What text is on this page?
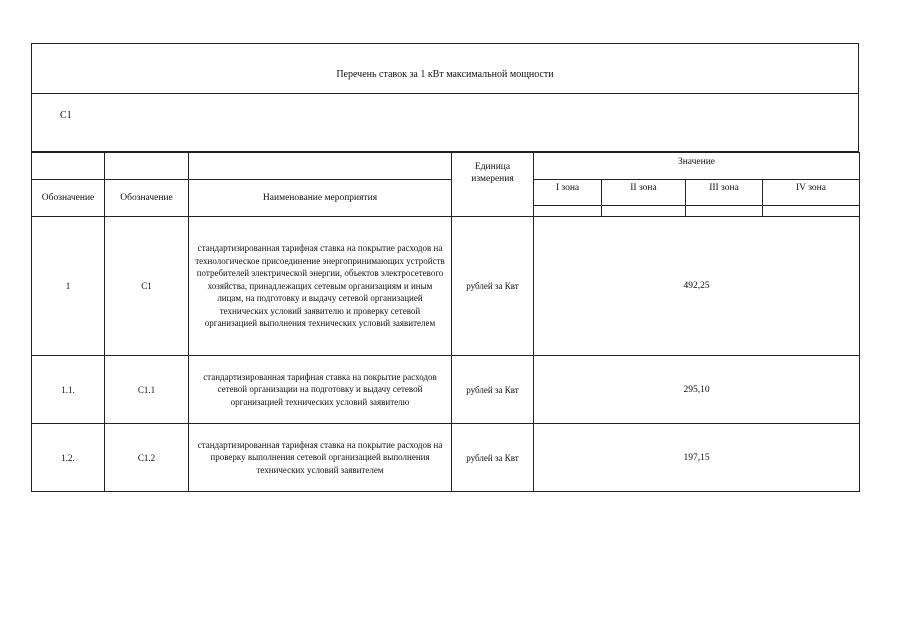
Перечень ставок за 1 кВт максимальной мощности
С1
			Единица измерения	Значение			
Обозначение	Обозначение	Наименование мероприятия		I зона	II зона	III зона	IV зона

1	С1	стандартизированная тарифная ставка на покрытие расходов на технологическое присоединение энергопринимающих устройств потребителей электрической энергии, объектов электросетевого хозяйства, принадлежащих сетевым организациям и иным лицам, на подготовку и выдачу сетевой организацией технических условий заявителю и проверку сетевой организацией выполнения технических условий заявителем	рублей за Квт	492,25			
1.1.	С1.1	стандартизированная тарифная ставка на покрытие расходов сетевой организации на подготовку и выдачу сетевой организацией технических условий заявителю	рублей за Квт	295,10			
1.2.	С1.2	стандартизированная тарифная ставка на покрытие расходов на проверку выполнения сетевой организацией выполнения технических условий заявителем	рублей за Квт	197,15			
